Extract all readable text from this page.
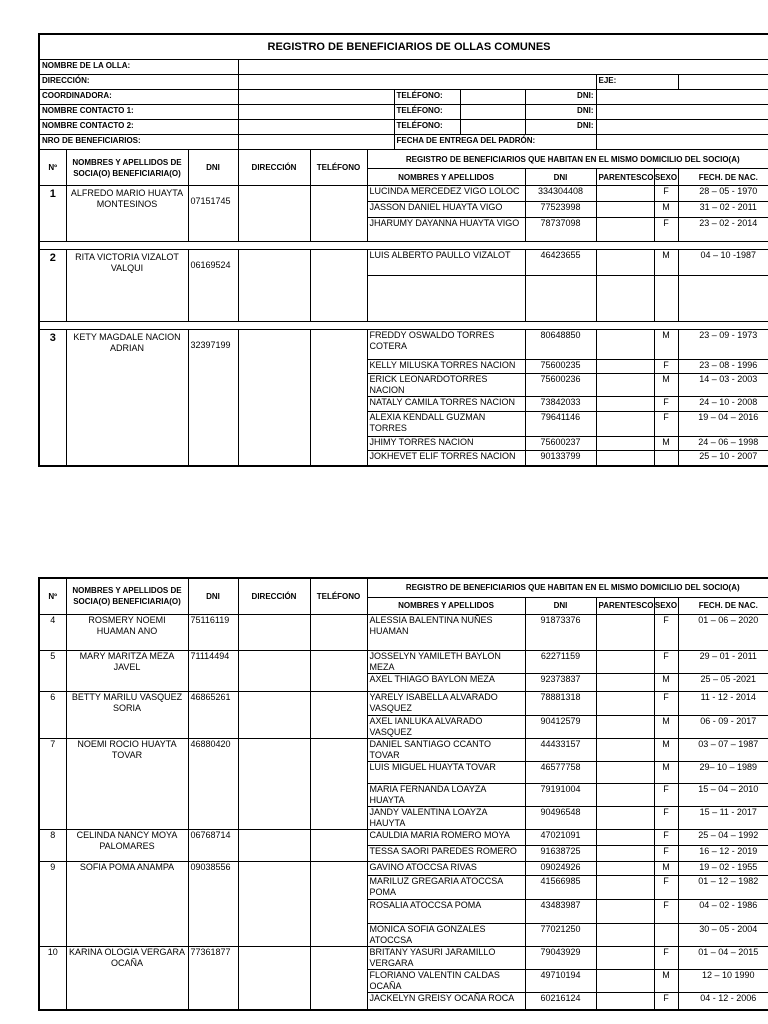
REGISTRO DE BENEFICIARIOS DE OLLAS COMUNES											
NOMBRE DE LA OLLA:											
DIRECCIÓN:									EJE:		
COORDINADORA:						TELÉFONO:		DNI:			
NOMBRE CONTACTO 1:						TELÉFONO:		DNI:			
NOMBRE CONTACTO 2:						TELÉFONO:		DNI:			
NRO DE BENEFICIARIOS:						FECHA DE ENTREGA DEL PADRÓN:					
Nº	NOMBRES Y APELLIDOS DE SOCIA(O) BENEFICIARIA(O)	DNI	DIRECCIÓN	TELÉFONO	REGISTRO DE BENEFICIARIOS QUE HABITAN EN EL MISMO DOMICILIO DEL SOCIO(A)						
					NOMBRES Y APELLIDOS			DNI	PARENTESCO	SEXO	FECH. DE NAC.
1	ALFREDO MARIO HUAYTA MONTESINOS	07151745			LUCINDA MERCEDEZ VIGO LOLOC			334304408		F	28 – 05 - 1970
					JASSON DANIEL HUAYTA VIGO			77523998		M	31 – 02 - 2011
					JHARUMY DAYANNA HUAYTA VIGO			78737098		F	23 – 02 - 2014

2	RITA VICTORIA VIZALOT VALQUI	06169524			LUIS ALBERTO PAULLO VIZALOT			46423655		M	04 – 10 -1987

3	KETY MAGDALE NACION ADRIAN	32397199			FREDDY OSWALDO TORRES COTERA			80648850		M	23 – 09 - 1973
					KELLY MILUSKA TORRES NACION			75600235		F	23 – 08 - 1996
					ERICK LEONARDOTORRES NACION			75600236		M	14 – 03 - 2003
					NATALY CAMILA TORRES NACION			73842033		F	24 – 10 - 2008
					ALEXIA KENDALL GUZMAN TORRES			79641146		F	19 – 04 – 2016
					JHIMY TORRES NACION			75600237		M	24 – 06 – 1998
					JOKHEVET ELIF TORRES NACION			90133799			25 – 10 - 2007
Nº	NOMBRES Y APELLIDOS DE SOCIA(O) BENEFICIARIA(O)	DNI	DIRECCIÓN	TELÉFONO	REGISTRO DE BENEFICIARIOS QUE HABITAN EN EL MISMO DOMICILIO DEL SOCIO(A)				
					NOMBRES Y APELLIDOS	DNI	PARENTESCO	SEXO	FECH. DE NAC.
4	ROSMERY NOEMI HUAMAN ANO	75116119			ALESSIA BALENTINA NUÑES HUAMAN	91873376		F	01 – 06 – 2020
5	MARY MARITZA MEZA JAVEL	71114494			JOSSELYN YAMILETH BAYLON MEZA	62271159		F	29 – 01 - 2011
					AXEL THIAGO BAYLON MEZA	92373837		M	25 – 05 -2021
6	BETTY MARILU VASQUEZ SORIA	46865261			YARELY ISABELLA ALVARADO VASQUEZ	78881318		F	11 - 12 - 2014
					AXEL IANLUKA ALVARADO VASQUEZ	90412579		M	06 - 09 - 2017
7	NOEMI ROCIO HUAYTA TOVAR	46880420			DANIEL SANTIAGO CCANTO TOVAR	44433157		M	03 – 07 – 1987
					LUIS MIGUEL HUAYTA TOVAR	46577758		M	29– 10 – 1989
					MARIA FERNANDA LOAYZA HUAYTA	79191004		F	15 – 04 – 2010
					JANDY VALENTINA LOAYZA HAUYTA	90496548		F	15 – 11 - 2017
8	CELINDA NANCY MOYA PALOMARES	06768714			CAULDIA MARIA ROMERO MOYA	47021091		F	25 – 04 – 1992
					TESSA SAORI PAREDES ROMERO	91638725		F	16 – 12 - 2019
9	SOFIA POMA ANAMPA	09038556			GAVINO ATOCCSA RIVAS	09024926		M	19 – 02 - 1955
					MARILUZ GREGARIA ATOCCSA POMA	41566985		F	01 – 12 – 1982
					ROSALIA ATOCCSA POMA	43483987		F	04 – 02 - 1986
					MONICA SOFIA GONZALES ATOCCSA	77021250			30 – 05 - 2004
10	KARINA OLOGIA VERGARA OCAÑA	77361877			BRITANY YASURI JARAMILLO VERGARA	79043929		F	01 – 04 – 2015
					FLORIANO VALENTIN CALDAS OCAÑA	49710194		M	12 – 10 1990
					JACKELYN GREISY OCAÑA ROCA	60216124		F	04 - 12 - 2006
